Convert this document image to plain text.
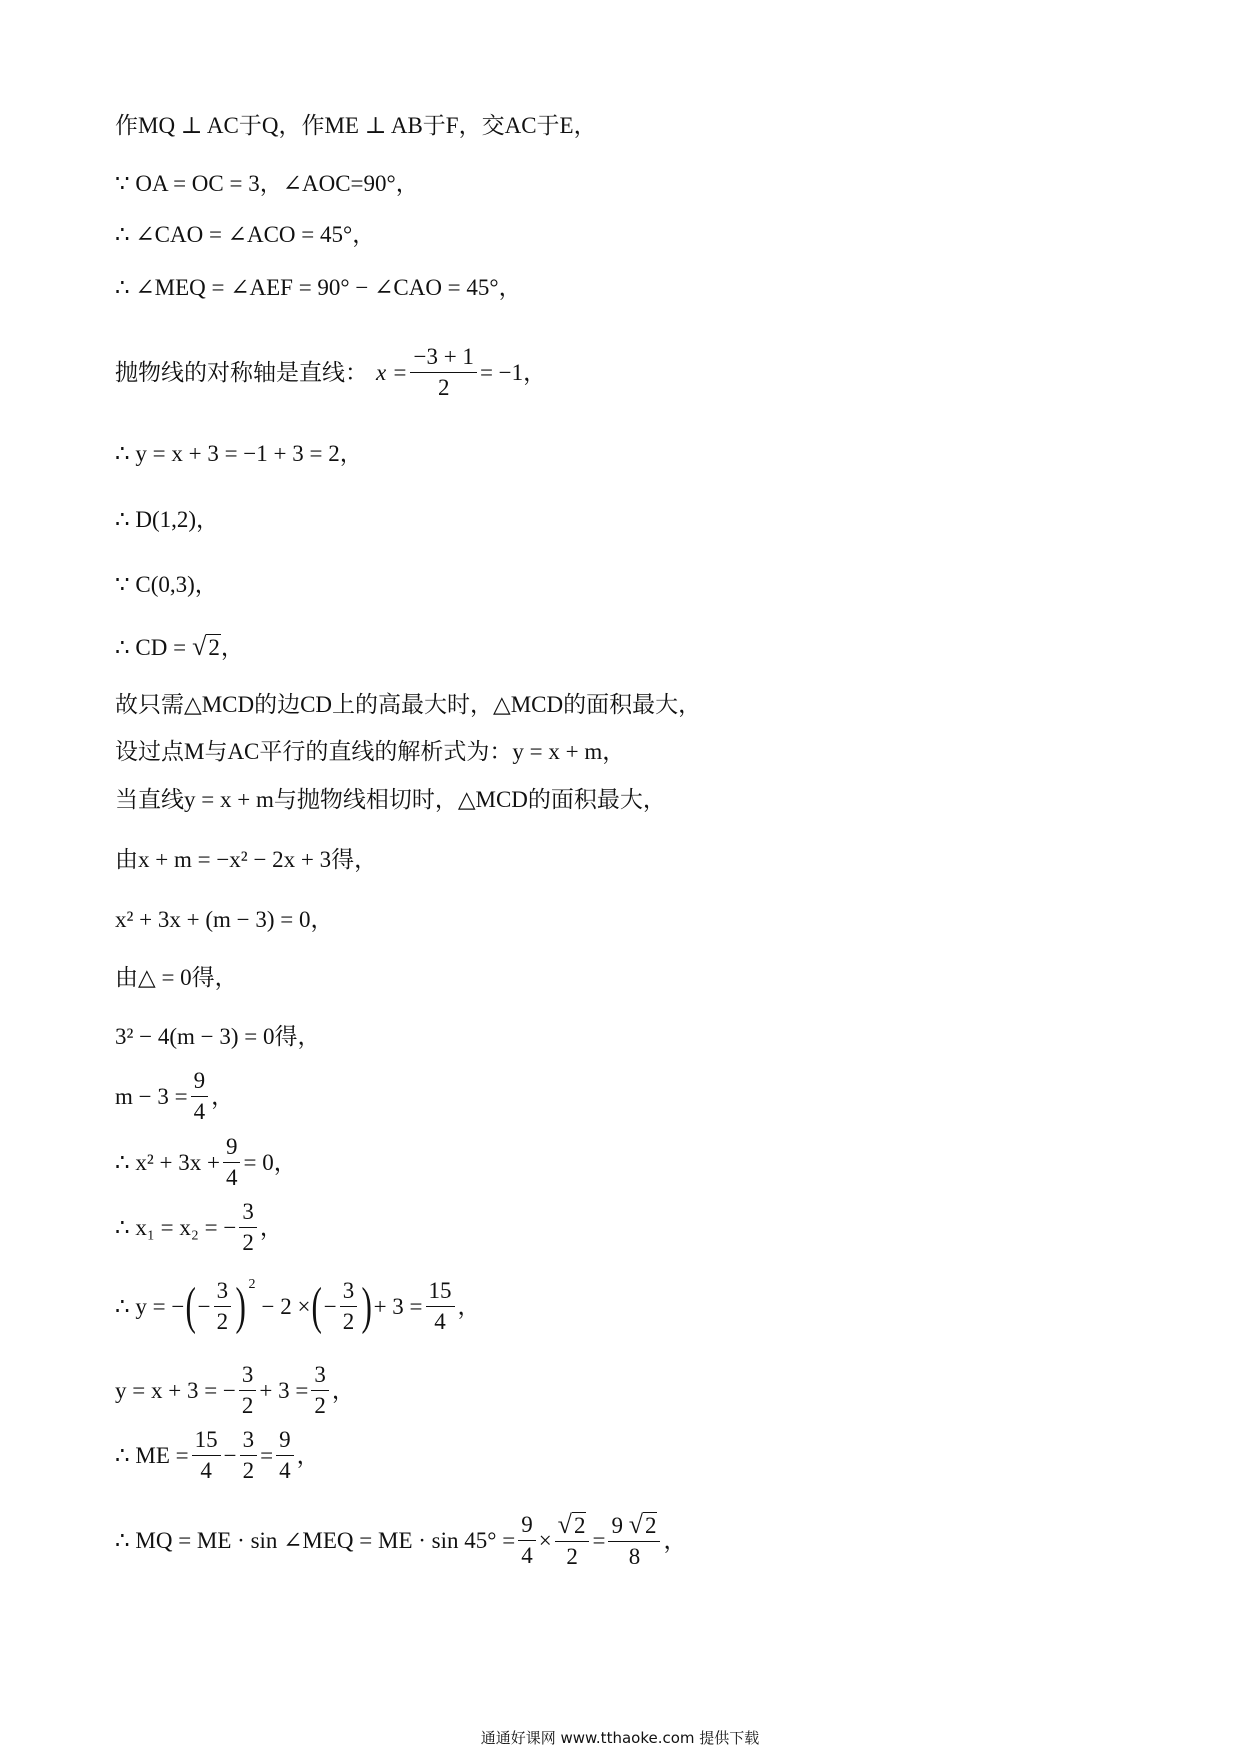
作MQ ⊥ AC于Q，作ME ⊥ AB于F，交AC于E，
∵ OA = OC = 3，∠AOC=90°，
∴ ∠CAO = ∠ACO = 45°，
∴ ∠MEQ = ∠AEF = 90° − ∠CAO = 45°，
抛物线的对称轴是直线： $x = \frac{-3 + 1}{2} = -1$，
∴ y = x + 3 = −1 + 3 = 2，
∴ D(1,2)，
∵ C(0,3)，
∴ CD = √ 2 ，
故只需△MCD的边CD上的高最大时，△MCD的面积最大，
设过点M与AC平行的直线的解析式为：y = x + m，
当直线y = x + m与抛物线相切时，△MCD的面积最大，
由x + m = −x² − 2x + 3得，
x² + 3x + (m − 3) = 0，
由△ = 0得，
3² − 4(m − 3) = 0得，
$m - 3 = \frac{9}{4}$ ，
∴ $x^2 + 3x + \frac{9}{4} = 0$，
∴ x₁ = x₂ = − $\frac{3}{2}$ ，
∴ y = − ( − $\frac{3}{2}$ ) 2
− 2 × ( − $\frac{3}{2}$ ) + $3 = \frac{15}{4}$ ，
y = x + 3 = − $\frac{3}{2} + 3 = \frac{3}{2}$ ，
∴ ME = $\frac{15}{4} - \frac{3}{2} = \frac{9}{4}$ ，
∴ MQ = ME · sin ∠MEQ = ME · $\sin 45^\circ = \frac{9}{4} \times \frac{√ 2}{2} = \frac{9 √ 2}{8}$ ，
通通好课网 www.tthaoke.com 提供下载
